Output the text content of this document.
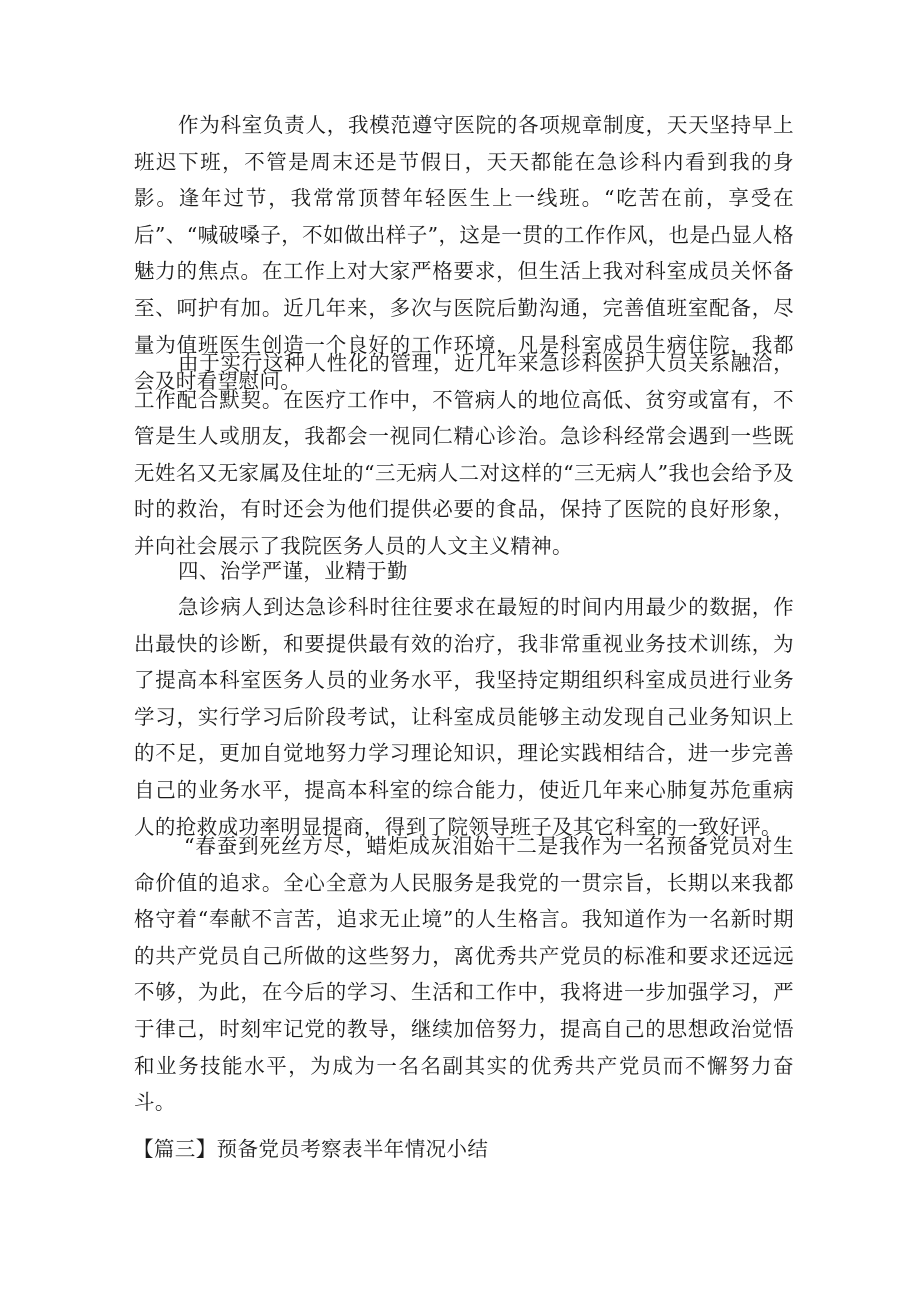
作为科室负责人，我模范遵守医院的各项规章制度，天天坚持早上班迟下班，不管是周末还是节假日，天天都能在急诊科内看到我的身影。逢年过节，我常常顶替年轻医生上一线班。“吃苦在前，享受在后”、“喊破嗓子，不如做出样子”，这是一贯的工作作风，也是凸显人格魅力的焦点。在工作上对大家严格要求，但生活上我对科室成员关怀备至、呵护有加。近几年来，多次与医院后勤沟通，完善值班室配备，尽量为值班医生创造一个良好的工作环境，凡是科室成员生病住院，我都会及时看望慰问。

由于实行这种人性化的管理，近几年来急诊科医护人员关系融洽，工作配合默契。在医疗工作中，不管病人的地位高低、贫穷或富有，不管是生人或朋友，我都会一视同仁精心诊治。急诊科经常会遇到一些既无姓名又无家属及住址的“三无病人二对这样的“三无病人”我也会给予及时的救治，有时还会为他们提供必要的食品，保持了医院的良好形象，并向社会展示了我院医务人员的人文主义精神。

四、治学严谨，业精于勤

急诊病人到达急诊科时往往要求在最短的时间内用最少的数据，作出最快的诊断，和要提供最有效的治疗，我非常重视业务技术训练，为了提高本科室医务人员的业务水平，我坚持定期组织科室成员进行业务学习，实行学习后阶段考试，让科室成员能够主动发现自己业务知识上的不足，更加自觉地努力学习理论知识，理论实践相结合，进一步完善自己的业务水平，提高本科室的综合能力，使近几年来心肺复苏危重病人的抢救成功率明显提商，得到了院领导班子及其它科室的一致好评。

“春蚕到死丝方尽，蜡炬成灰泪始干二是我作为一名预备党员对生命价值的追求。全心全意为人民服务是我党的一贯宗旨，长期以来我都格守着“奉献不言苦，追求无止境”的人生格言。我知道作为一名新时期的共产党员自己所做的这些努力，离优秀共产党员的标准和要求还远远不够，为此，在今后的学习、生活和工作中，我将进一步加强学习，严于律己，时刻牢记党的教导，继续加倍努力，提高自己的思想政治觉悟和业务技能水平，为成为一名名副其实的优秀共产党员而不懈努力奋斗。

【篇三】预备党员考察表半年情况小结
